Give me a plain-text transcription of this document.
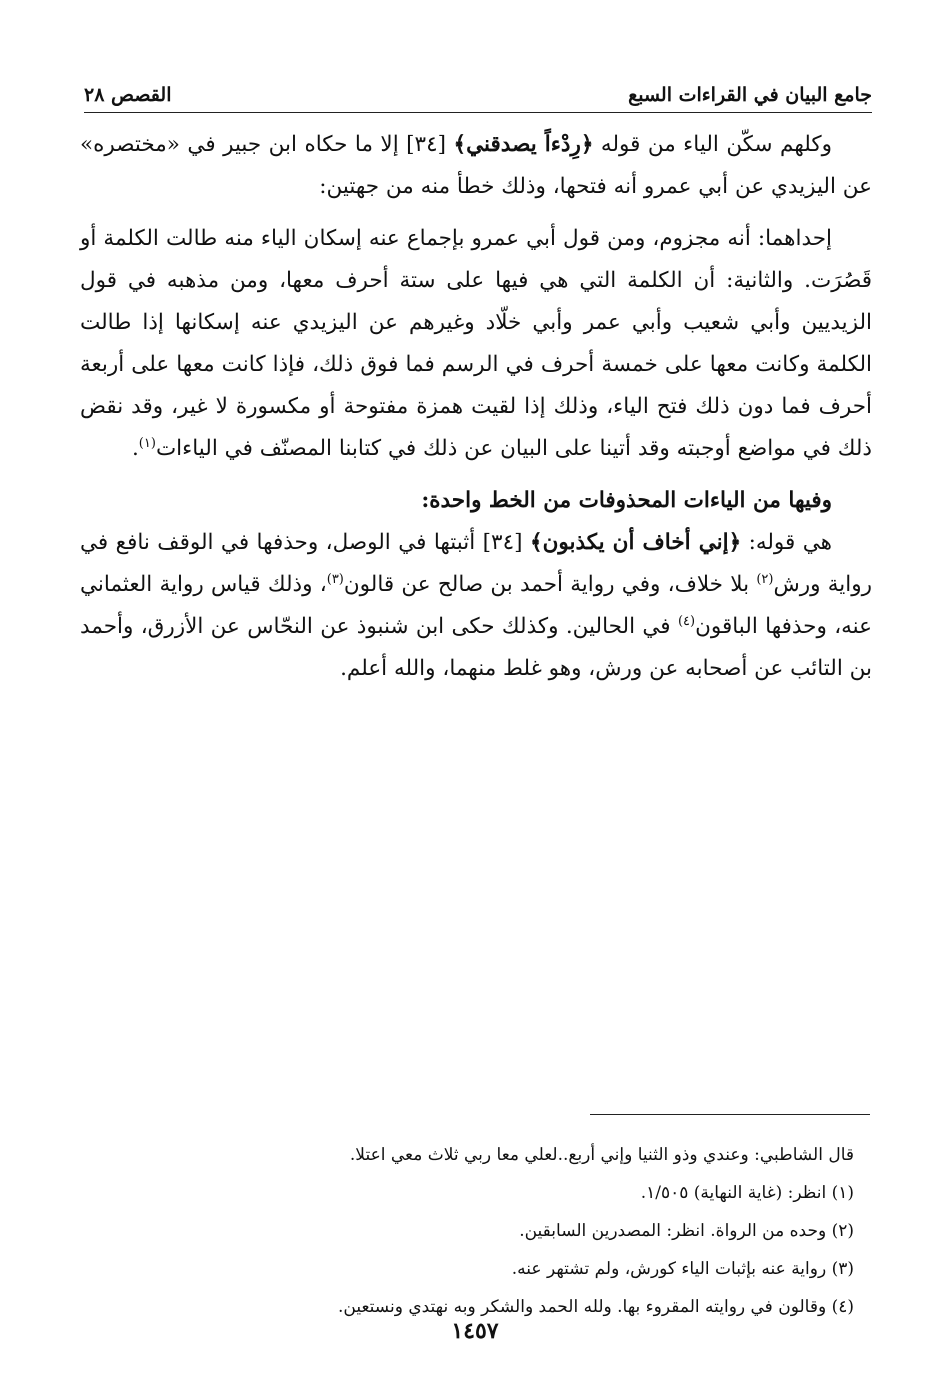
جامع البيان في القراءات السبع
القصص ٢٨

وكلهم سكّن الياء من قوله ﴿رِدْءاً يصدقني﴾ [٣٤] إلا ما حكاه ابن جبير في «مختصره» عن اليزيدي عن أبي عمرو أنه فتحها، وذلك خطأ منه من جهتين:

إحداهما: أنه مجزوم، ومن قول أبي عمرو بإجماع عنه إسكان الياء منه طالت الكلمة أو قَصُرَت. والثانية: أن الكلمة التي هي فيها على ستة أحرف معها، ومن مذهبه في قول الزيديين وأبي شعيب وأبي عمر وأبي خلّاد وغيرهم عن اليزيدي عنه إسكانها إذا طالت الكلمة وكانت معها على خمسة أحرف في الرسم فما فوق ذلك، فإذا كانت معها على أربعة أحرف فما دون ذلك فتح الياء، وذلك إذا لقيت همزة مفتوحة أو مكسورة لا غير، وقد نقض ذلك في مواضع أوجبته وقد أتينا على البيان عن ذلك في كتابنا المصنّف في الياءات$^{(١)}$.

وفيها من الياءات المحذوفات من الخط واحدة:

هي قوله: ﴿إني أخاف أن يكذبون﴾ [٣٤] أثبتها في الوصل، وحذفها في الوقف نافع في رواية ورش$^{(٢)}$ بلا خلاف، وفي رواية أحمد بن صالح عن قالون$^{(٣)}$، وذلك قياس رواية العثماني عنه، وحذفها الباقون$^{(٤)}$ في الحالين. وكذلك حكى ابن شنبوذ عن النحّاس عن الأزرق، وأحمد بن التائب عن أصحابه عن ورش، وهو غلط منهما، والله أعلم.

قال الشاطبي: وعندي وذو الثنيا وإني أربع..لعلي معا ربي ثلاث معي اعتلا.

(١) انظر: (غاية النهاية) ١/٥٠٥.

(٢) وحده من الرواة. انظر: المصدرين السابقين.

(٣) رواية عنه بإثبات الياء كورش، ولم تشتهر عنه.

(٤) وقالون في روايته المقروء بها. ولله الحمد والشكر وبه نهتدي ونستعين.

١٤٥٧
